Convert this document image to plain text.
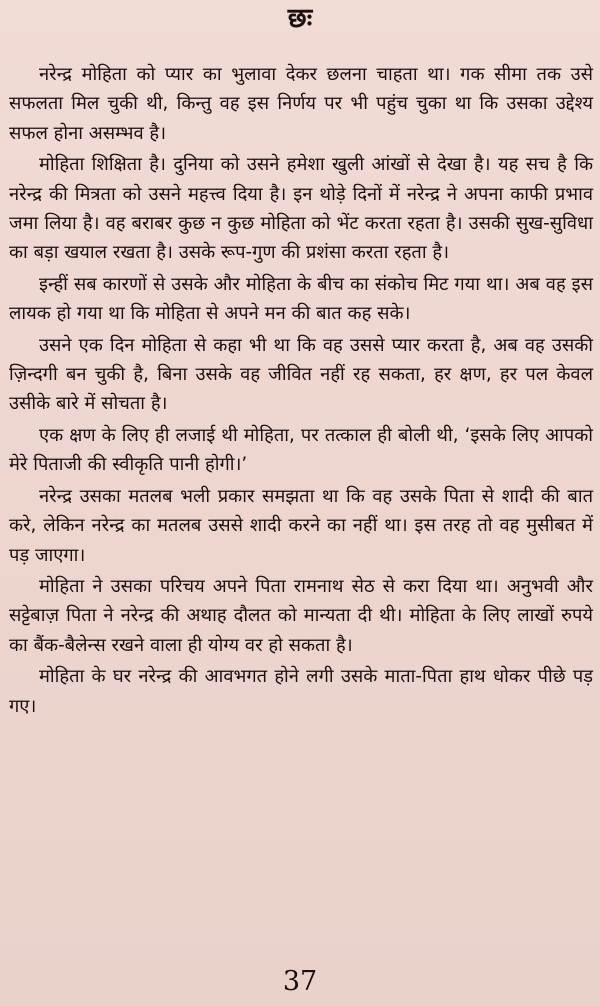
छः

नरेन्द्र मोहिता को प्यार का भुलावा देकर छलना चाहता था। गक सीमा तक उसे सफलता मिल चुकी थी, किन्तु वह इस निर्णय पर भी पहुंच चुका था कि उसका उद्देश्य सफल होना असम्भव है।

मोहिता शिक्षिता है। दुनिया को उसने हमेशा खुली आंखों से देखा है। यह सच है कि नरेन्द्र की मित्रता को उसने महत्त्व दिया है। इन थोड़े दिनों में नरेन्द्र ने अपना काफी प्रभाव जमा लिया है। वह बराबर कुछ न कुछ मोहिता को भेंट करता रहता है। उसकी सुख-सुविधा का बड़ा खयाल रखता है। उसके रूप-गुण की प्रशंसा करता रहता है।

इन्हीं सब कारणों से उसके और मोहिता के बीच का संकोच मिट गया था। अब वह इस लायक हो गया था कि मोहिता से अपने मन की बात कह सके।

उसने एक दिन मोहिता से कहा भी था कि वह उससे प्यार करता है, अब वह उसकी ज़िन्दगी बन चुकी है, बिना उसके वह जीवित नहीं रह सकता, हर क्षण, हर पल केवल उसीके बारे में सोचता है।

एक क्षण के लिए ही लजाई थी मोहिता, पर तत्काल ही बोली थी, ‘इसके लिए आपको मेरे पिताजी की स्वीकृति पानी होगी।’

नरेन्द्र उसका मतलब भली प्रकार समझता था कि वह उसके पिता से शादी की बात करे, लेकिन नरेन्द्र का मतलब उससे शादी करने का नहीं था। इस तरह तो वह मुसीबत में पड़ जाएगा।

मोहिता ने उसका परिचय अपने पिता रामनाथ सेठ से करा दिया था। अनुभवी और सट्टेबाज़ पिता ने नरेन्द्र की अथाह दौलत को मान्यता दी थी। मोहिता के लिए लाखों रुपये का बैंक-बैलेन्स रखने वाला ही योग्य वर हो सकता है।

मोहिता के घर नरेन्द्र की आवभगत होने लगी उसके माता-पिता हाथ धोकर पीछे पड़ गए।

37
